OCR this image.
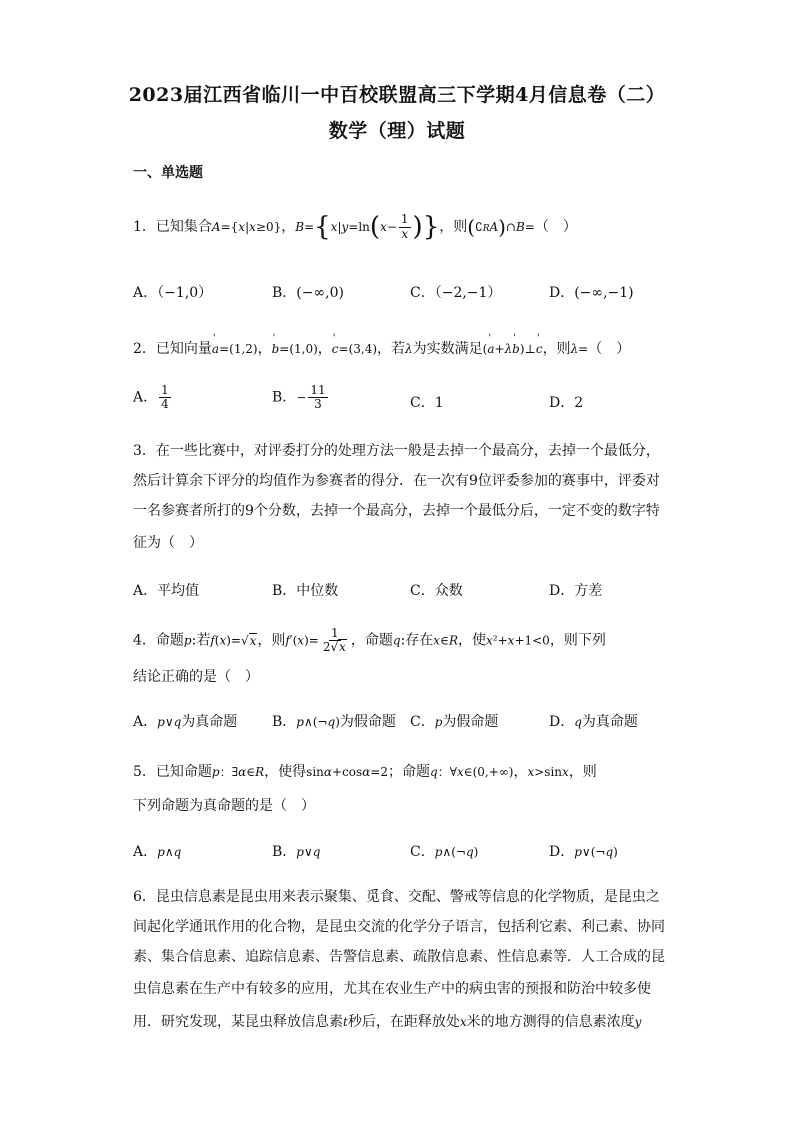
2023届江西省临川一中百校联盟高三下学期4月信息卷（二）
数学（理）试题
一、单选题
1．已知集合A={x|x≥0}，$B=\{x|y=\ln(x- \frac{1}{x}$ )}，则(∁RA)∩B=（　）
A．（−1,0）	B．(−∞,0)	C．（−2,−1）	D．(−∞,−1)
2．已知向量' a=(1,2)，' b=(1,0)，' c=(3,4)，若λ为实数满足(' a+λ' b)⊥' c，则λ=（　）
A． $\frac{1}{4}$	B．− $\frac{11}{3}$	C．1	D．2
3．在一些比赛中，对评委打分的处理方法一般是去掉一个最高分，去掉一个最低分，
然后计算余下评分的均值作为参赛者的得分．在一次有9位评委参加的赛事中，评委对
一名参赛者所打的9个分数，去掉一个最高分，去掉一个最低分后，一定不变的数字特
征为（　）
A．平均值	B．中位数	C．众数	D．方差
4．命题p:若f(x)=√x，则$f'(x)= \frac{1}{2√x}$ ，命题q:存在x∈R，使x²+x+1<0，则下列
结论正确的是（　）
A．p∨q为真命题 B．p∧(¬q)为假命题 C．p为假命题	D．q为真命题
5．已知命题p：∃α∈R，使得sinα+cosα=2；命题q：∀x∈(0,+∞)，x>sinx，则
下列命题为真命题的是（　）
A．p∧q	B．p∨q	C．p∧(¬q)	D．p∨(¬q)
6．昆虫信息素是昆虫用来表示聚集、觅食、交配、警戒等信息的化学物质，是昆虫之
间起化学通讯作用的化合物，是昆虫交流的化学分子语言，包括利它素、利己素、协同
素、集合信息素、追踪信息素、告警信息素、疏散信息素、性信息素等．人工合成的昆
虫信息素在生产中有较多的应用，尤其在农业生产中的病虫害的预报和防治中较多使
用．研究发现，某昆虫释放信息素t秒后，在距释放处x米的地方测得的信息素浓度y
